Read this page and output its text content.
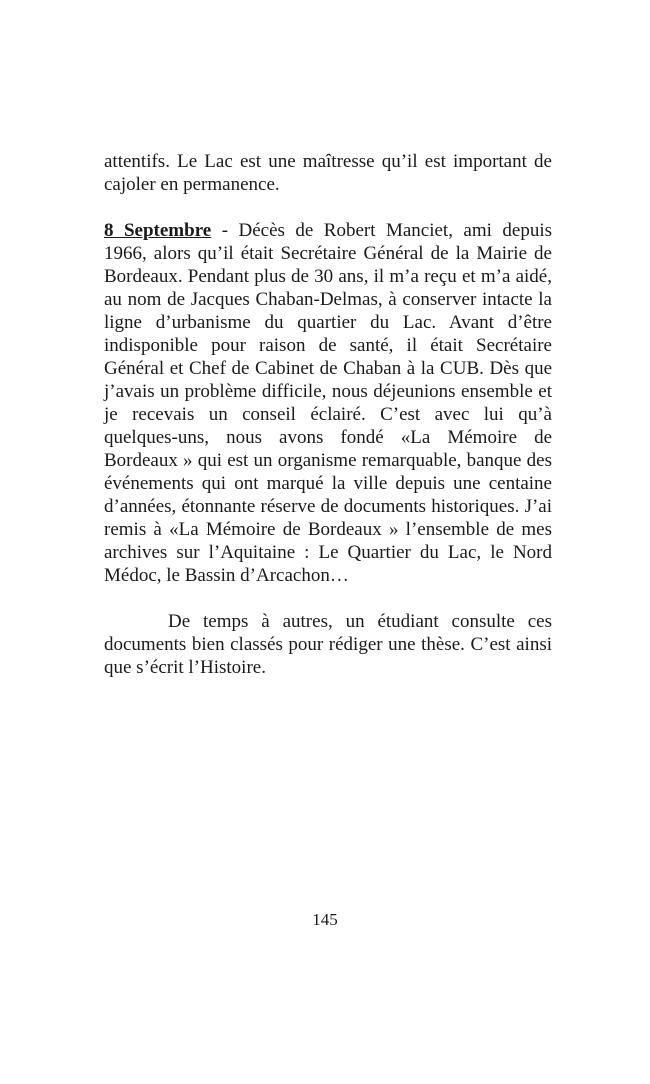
attentifs. Le Lac est une maîtresse qu’il est important de cajoler en permanence.

8 Septembre - Décès de Robert Manciet, ami depuis 1966, alors qu’il était Secrétaire Général de la Mairie de Bordeaux. Pendant plus de 30 ans, il m’a reçu et m’a aidé, au nom de Jacques Chaban-Delmas, à conserver intacte la ligne d’urbanisme du quartier du Lac. Avant d’être indisponible pour raison de santé, il était Secrétaire Général et Chef de Cabinet de Chaban à la CUB. Dès que j’avais un problème difficile, nous déjeunions ensemble et je recevais un conseil éclairé. C’est avec lui qu’à quelques-uns, nous avons fondé «La Mémoire de Bordeaux » qui est un organisme remarquable, banque des événements qui ont marqué la ville depuis une centaine d’années, étonnante réserve de documents historiques. J’ai remis à «La Mémoire de Bordeaux » l’ensemble de mes archives sur l’Aquitaine : Le Quartier du Lac, le Nord Médoc, le Bassin d’Arcachon…

De temps à autres, un étudiant consulte ces documents bien classés pour rédiger une thèse. C’est ainsi que s’écrit l’Histoire.

145
